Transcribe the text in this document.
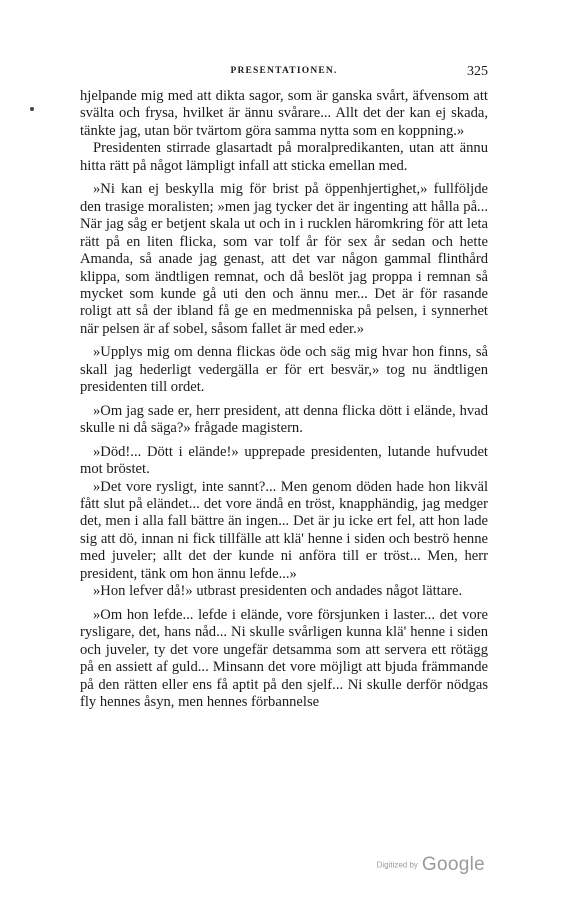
PRESENTATIONEN.	325

hjelpande mig med att dikta sagor, som är ganska svårt, äfvensom att svälta och frysa, hvilket är ännu svårare... Allt det der kan ej skada, tänkte jag, utan bör tvärtom göra samma nytta som en koppning.»

Presidenten stirrade glasartadt på moralpredikanten, utan att ännu hitta rätt på något lämpligt infall att sticka emellan med.

»Ni kan ej beskylla mig för brist på öppenhjertighet,» fullföljde den trasige moralisten; »men jag tycker det är ingenting att hålla på... När jag såg er betjent skala ut och in i rucklen häromkring för att leta rätt på en liten flicka, som var tolf år för sex år sedan och hette Amanda, så anade jag genast, att det var någon gammal flinthård klippa, som ändtligen remnat, och då beslöt jag proppa i remnan så mycket som kunde gå uti den och ännu mer... Det är för rasande roligt att så der ibland få ge en medmenniska på pelsen, i synnerhet när pelsen är af sobel, såsom fallet är med eder.»

»Upplys mig om denna flickas öde och säg mig hvar hon finns, så skall jag hederligt vedergälla er för ert besvär,» tog nu ändtligen presidenten till ordet.

»Om jag sade er, herr president, att denna flicka dött i elände, hvad skulle ni då säga?» frågade magistern.

»Död!... Dött i elände!» upprepade presidenten, lutande hufvudet mot bröstet.

»Det vore rysligt, inte sannt?... Men genom döden hade hon likväl fått slut på eländet... det vore ändå en tröst, knapphändig, jag medger det, men i alla fall bättre än ingen... Det är ju icke ert fel, att hon lade sig att dö, innan ni fick tillfälle att klä' henne i siden och beströ henne med juveler; allt det der kunde ni anföra till er tröst... Men, herr president, tänk om hon ännu lefde...»

»Hon lefver då!» utbrast presidenten och andades något lättare.

»Om hon lefde... lefde i elände, vore försjunken i laster... det vore rysligare, det, hans nåd... Ni skulle svårligen kunna klä' henne i siden och juveler, ty det vore ungefär detsamma som att servera ett rötägg på en assiett af guld... Minsann det vore möjligt att bjuda främmande på den rätten eller ens få aptit på den sjelf... Ni skulle derför nödgas fly hennes åsyn, men hennes förbannelse

Digitized by Google
